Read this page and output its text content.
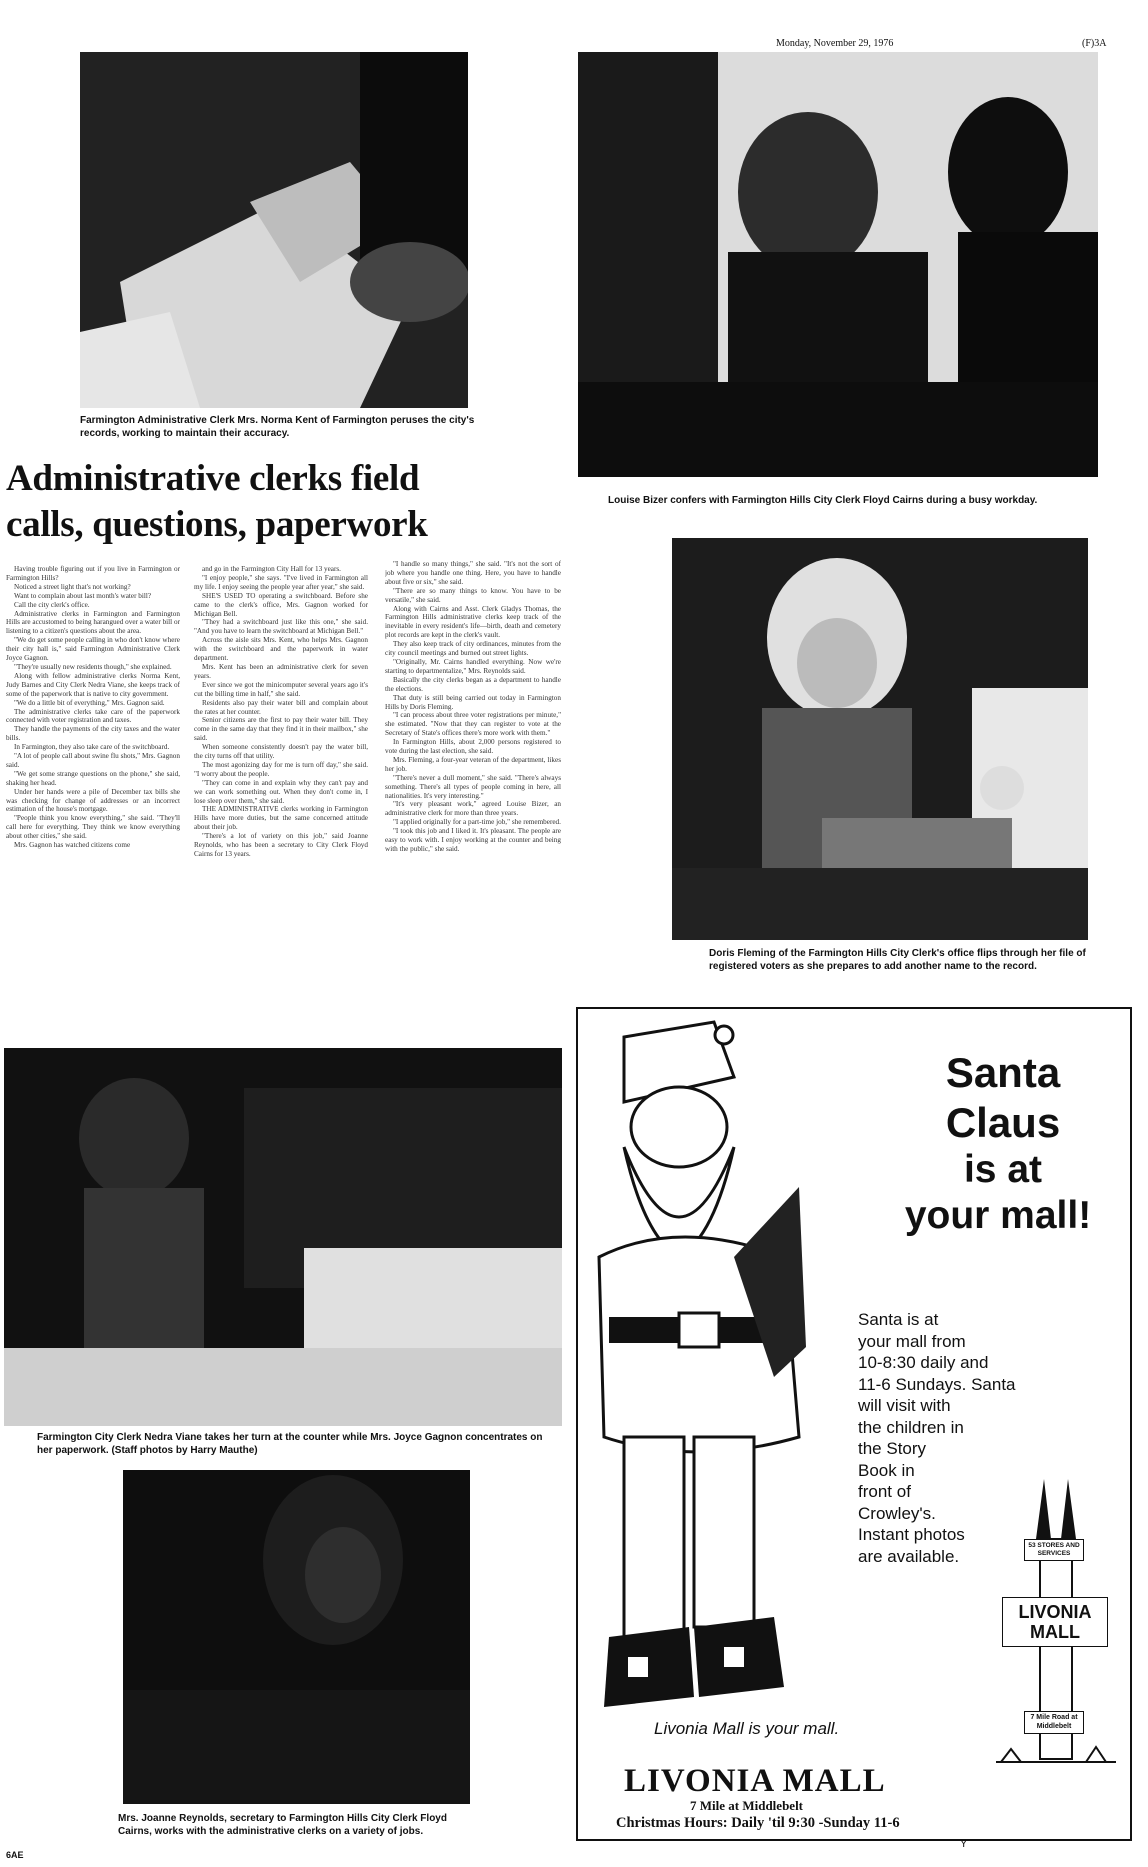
Monday, November 29, 1976	(F)3A
Farmington Administrative Clerk Mrs. Norma Kent of Farmington peruses the city's records, working to maintain their accuracy.
Louise Bizer confers with Farmington Hills City Clerk Floyd Cairns during a busy workday.
Administrative clerks field
calls, questions, paperwork

Having trouble figuring out if you live in Farmington or Farmington Hills?

Noticed a street light that's not working?

Want to complain about last month's water bill?

Call the city clerk's office.

Administrative clerks in Farmington and Farmington Hills are accustomed to being harangued over a water bill or listening to a citizen's questions about the area.

"We do get some people calling in who don't know where their city hall is," said Farmington Administrative Clerk Joyce Gagnon.

"They're usually new residents though," she explained.

Along with fellow administrative clerks Norma Kent, Judy Barnes and City Clerk Nedra Viane, she keeps track of some of the paperwork that is native to city government.

"We do a little bit of everything," Mrs. Gagnon said.

The administrative clerks take care of the paperwork connected with voter registration and taxes.

They handle the payments of the city taxes and the water bills.

In Farmington, they also take care of the switchboard.

"A lot of people call about swine flu shots," Mrs. Gagnon said.

"We get some strange questions on the phone," she said, shaking her head.

Under her hands were a pile of December tax bills she was checking for change of addresses or an incorrect estimation of the house's mortgage.

"People think you know everything," she said. "They'll call here for everything. They think we know everything about other cities," she said.

Mrs. Gagnon has watched citizens come

and go in the Farmington City Hall for 13 years.

"I enjoy people," she says. "I've lived in Farmington all my life. I enjoy seeing the people year after year," she said.

SHE'S USED TO operating a switchboard. Before she came to the clerk's office, Mrs. Gagnon worked for Michigan Bell.

"They had a switchboard just like this one," she said. "And you have to learn the switchboard at Michigan Bell."

Across the aisle sits Mrs. Kent, who helps Mrs. Gagnon with the switchboard and the paperwork in water department.

Mrs. Kent has been an administrative clerk for seven years.

Ever since we got the minicomputer several years ago it's cut the billing time in half," she said.

Residents also pay their water bill and complain about the rates at her counter.

Senior citizens are the first to pay their water bill. They come in the same day that they find it in their mailbox," she said.

When someone consistently doesn't pay the water bill, the city turns off that utility.

The most agonizing day for me is turn off day," she said. "I worry about the people.

"They can come in and explain why they can't pay and we can work something out. When they don't come in, I lose sleep over them," she said.

THE ADMINISTRATIVE clerks working in Farmington Hills have more duties, but the same concerned attitude about their job.

"There's a lot of variety on this job," said Joanne Reynolds, who has been a secretary to City Clerk Floyd Cairns for 13 years.

"I handle so many things," she said. "It's not the sort of job where you handle one thing. Here, you have to handle about five or six," she said.

"There are so many things to know. You have to be versatile," she said.

Along with Cairns and Asst. Clerk Gladys Thomas, the Farmington Hills administrative clerks keep track of the inevitable in every resident's life—birth, death and cemetery plot records are kept in the clerk's vault.

They also keep track of city ordinances, minutes from the city council meetings and burned out street lights.

"Originally, Mr. Cairns handled everything. Now we're starting to departmentalize," Mrs. Reynolds said.

Basically the city clerks began as a department to handle the elections.

That duty is still being carried out today in Farmington Hills by Doris Fleming.

"I can process about three voter registrations per minute," she estimated. "Now that they can register to vote at the Secretary of State's offices there's more work with them."

In Farmington Hills, about 2,000 persons registered to vote during the last election, she said.

Mrs. Fleming, a four-year veteran of the department, likes her job.

"There's never a dull moment," she said. "There's always something. There's all types of people coming in here, all nationalities. It's very interesting."

"It's very pleasant work," agreed Louise Bizer, an administrative clerk for more than three years.

"I applied originally for a part-time job," she remembered.

"I took this job and I liked it. It's pleasant. The people are easy to work with. I enjoy working at the counter and being with the public," she said.

Doris Fleming of the Farmington Hills City Clerk's office flips through her file of registered voters as she prepares to add another name to the record.
Farmington City Clerk Nedra Viane takes her turn at the counter while Mrs. Joyce Gagnon concentrates on her paperwork. (Staff photos by Harry Mauthe)
Mrs. Joanne Reynolds, secretary to Farmington Hills City Clerk Floyd Cairns, works with the administrative clerks on a variety of jobs.
Santa
Claus
is at
your mall!
Santa is at
your mall from
10-8:30 daily and
11-6 Sundays. Santa
will visit with
the children in
the Story
Book in
front of
Crowley's.
Instant photos
are available.
53 STORES AND SERVICES
LIVONIA
MALL
7 Mile Road at Middlebelt
Livonia Mall is your mall.
LIVONIA MALL
7 Mile at Middlebelt
Christmas Hours: Daily 'til 9:30 -Sunday 11-6
6AE
Y
